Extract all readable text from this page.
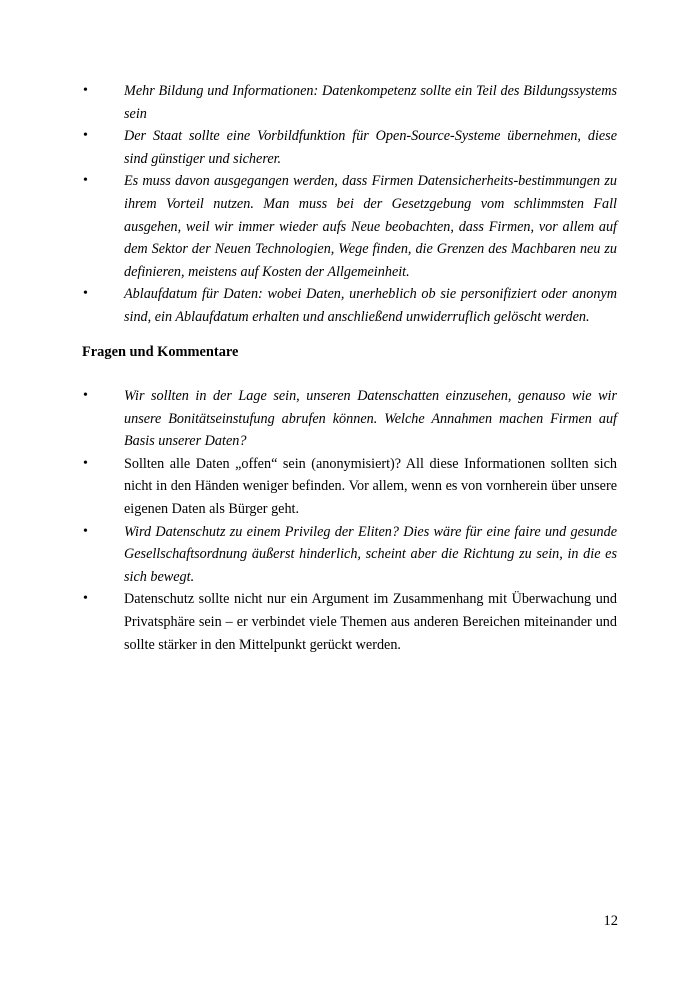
•	Mehr Bildung und Informationen: Datenkompetenz sollte ein Teil des Bildungssystems sein
•	Der Staat sollte eine Vorbildfunktion für Open-Source-Systeme übernehmen, diese sind günstiger und sicherer.
•	Es muss davon ausgegangen werden, dass Firmen Datensicherheits-bestimmungen zu ihrem Vorteil nutzen. Man muss bei der Gesetzgebung vom schlimmsten Fall ausgehen, weil wir immer wieder aufs Neue beobachten, dass Firmen, vor allem auf dem Sektor der Neuen Technologien, Wege finden, die Grenzen des Machbaren neu zu definieren, meistens auf Kosten der Allgemeinheit.
•	Ablaufdatum für Daten: wobei Daten, unerheblich ob sie personifiziert oder anonym sind, ein Ablaufdatum erhalten und anschließend unwiderruflich gelöscht werden.
Fragen und Kommentare
•	Wir sollten in der Lage sein, unseren Datenschatten einzusehen, genauso wie wir unsere Bonitätseinstufung abrufen können. Welche Annahmen machen Firmen auf Basis unserer Daten?
•	Sollten alle Daten „offen“ sein (anonymisiert)? All diese Informationen sollten sich nicht in den Händen weniger befinden. Vor allem, wenn es von vornherein über unsere eigenen Daten als Bürger geht.
•	Wird Datenschutz zu einem Privileg der Eliten? Dies wäre für eine faire und gesunde Gesellschaftsordnung äußerst hinderlich, scheint aber die Richtung zu sein, in die es sich bewegt.
•	Datenschutz sollte nicht nur ein Argument im Zusammenhang mit Überwachung und Privatsphäre sein – er verbindet viele Themen aus anderen Bereichen miteinander und sollte stärker in den Mittelpunkt gerückt werden.
12
